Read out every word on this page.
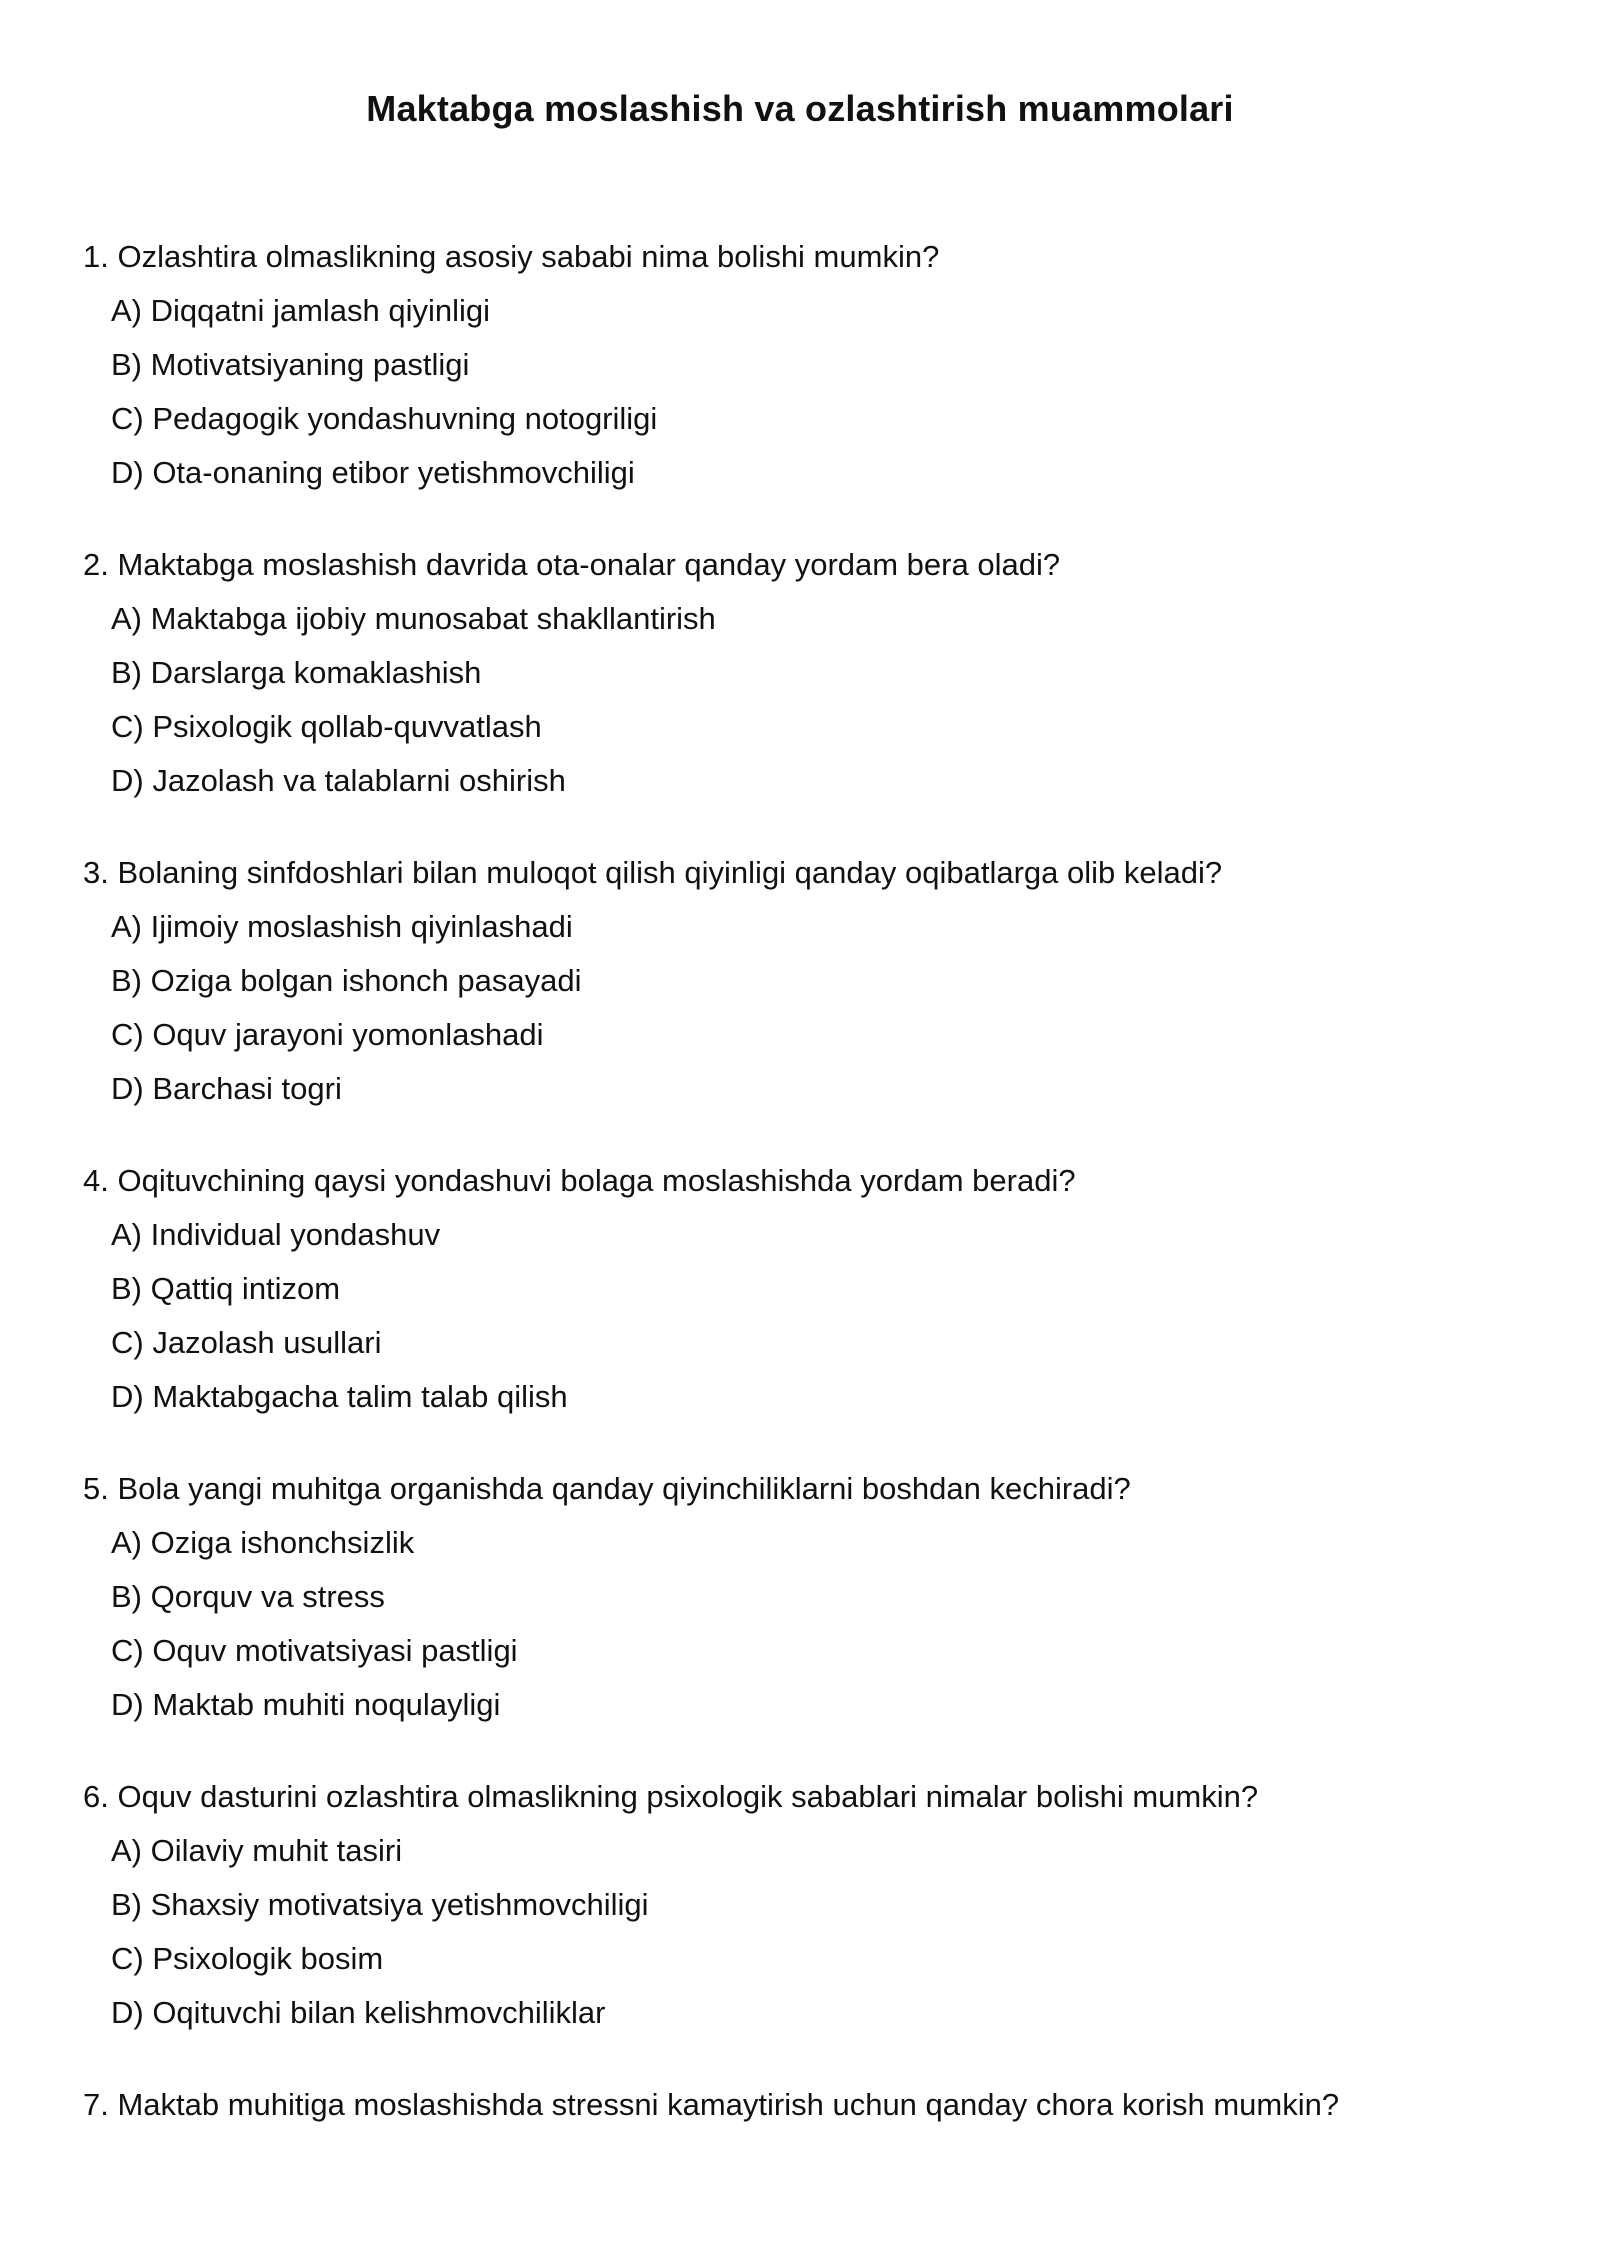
Maktabga moslashish va ozlashtirish muammolari
1. Ozlashtira olmaslikning asosiy sababi nima bolishi mumkin?
A) Diqqatni jamlash qiyinligi
B) Motivatsiyaning pastligi
C) Pedagogik yondashuvning notogriligi
D) Ota-onaning etibor yetishmovchiligi
2. Maktabga moslashish davrida ota-onalar qanday yordam bera oladi?
A) Maktabga ijobiy munosabat shakllantirish
B) Darslarga komaklashish
C) Psixologik qollab-quvvatlash
D) Jazolash va talablarni oshirish
3. Bolaning sinfdoshlari bilan muloqot qilish qiyinligi qanday oqibatlarga olib keladi?
A) Ijimoiy moslashish qiyinlashadi
B) Oziga bolgan ishonch pasayadi
C) Oquv jarayoni yomonlashadi
D) Barchasi togri
4. Oqituvchining qaysi yondashuvi bolaga moslashishda yordam beradi?
A) Individual yondashuv
B) Qattiq intizom
C) Jazolash usullari
D) Maktabgacha talim talab qilish
5. Bola yangi muhitga organishda qanday qiyinchiliklarni boshdan kechiradi?
A) Oziga ishonchsizlik
B) Qorquv va stress
C) Oquv motivatsiyasi pastligi
D) Maktab muhiti noqulayligi
6. Oquv dasturini ozlashtira olmaslikning psixologik sabablari nimalar bolishi mumkin?
A) Oilaviy muhit tasiri
B) Shaxsiy motivatsiya yetishmovchiligi
C) Psixologik bosim
D) Oqituvchi bilan kelishmovchiliklar
7. Maktab muhitiga moslashishda stressni kamaytirish uchun qanday chora korish mumkin?
